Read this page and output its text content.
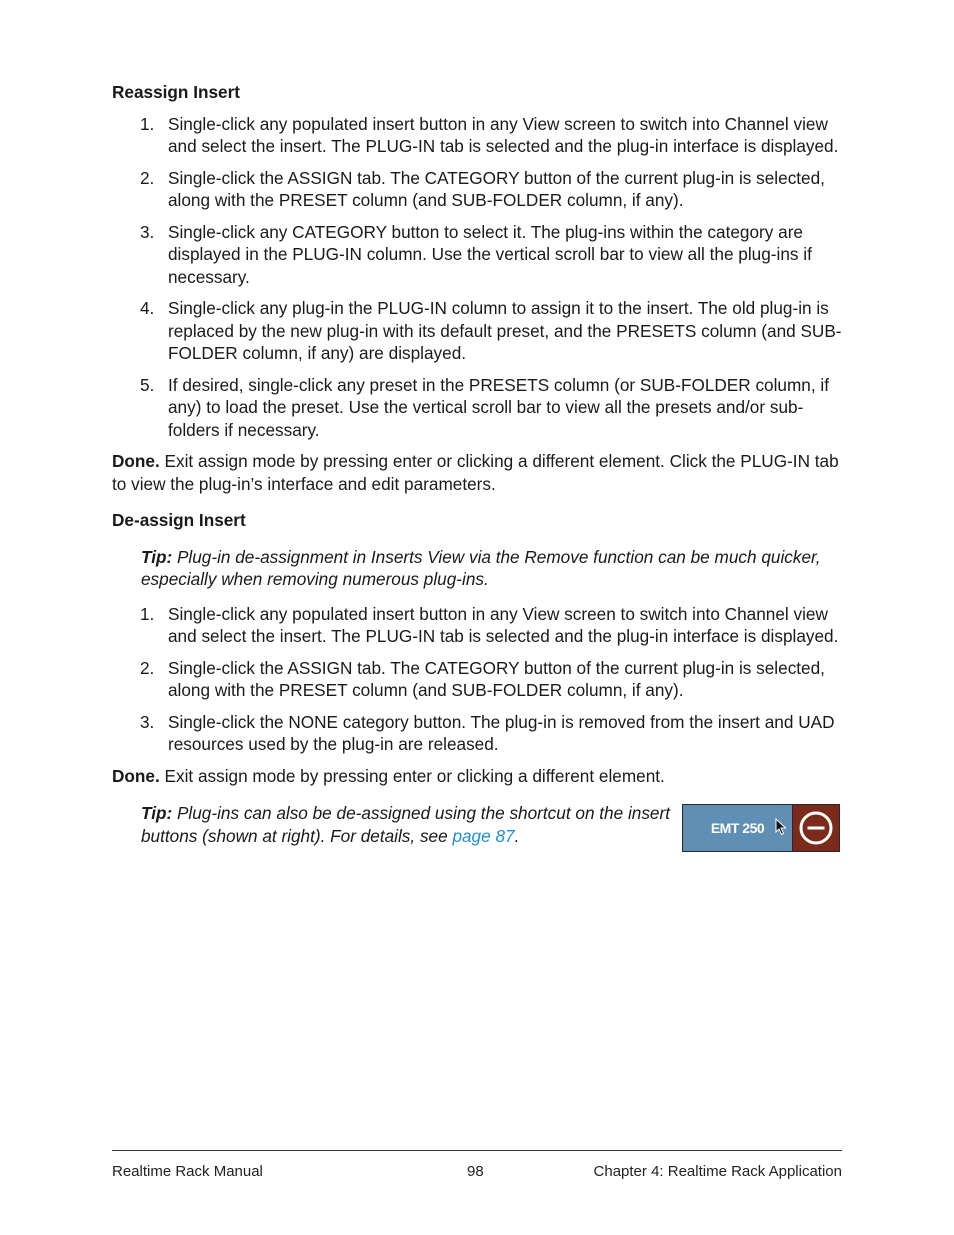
Reassign Insert
1. Single-click any populated insert button in any View screen to switch into Channel view and select the insert. The PLUG-IN tab is selected and the plug-in interface is displayed.
2. Single-click the ASSIGN tab. The CATEGORY button of the current plug-in is selected, along with the PRESET column (and SUB-FOLDER column, if any).
3. Single-click any CATEGORY button to select it. The plug-ins within the category are displayed in the PLUG-IN column. Use the vertical scroll bar to view all the plug-ins if necessary.
4. Single-click any plug-in the PLUG-IN column to assign it to the insert. The old plug-in is replaced by the new plug-in with its default preset, and the PRESETS column (and SUB-FOLDER column, if any) are displayed.
5. If desired, single-click any preset in the PRESETS column (or SUB-FOLDER column, if any) to load the preset. Use the vertical scroll bar to view all the presets and/or sub-folders if necessary.
Done. Exit assign mode by pressing enter or clicking a different element. Click the PLUG-IN tab to view the plug-in’s interface and edit parameters.
De-assign Insert
Tip: Plug-in de-assignment in Inserts View via the Remove function can be much quicker, especially when removing numerous plug-ins.
1. Single-click any populated insert button in any View screen to switch into Channel view and select the insert. The PLUG-IN tab is selected and the plug-in interface is displayed.
2. Single-click the ASSIGN tab. The CATEGORY button of the current plug-in is selected, along with the PRESET column (and SUB-FOLDER column, if any).
3. Single-click the NONE category button. The plug-in is removed from the insert and UAD resources used by the plug-in are released.
Done. Exit assign mode by pressing enter or clicking a different element.
Tip: Plug-ins can also be de-assigned using the shortcut on the insert buttons (shown at right). For details, see page 87.	EMT 250
Realtime Rack Manual	98	Chapter 4: Realtime Rack Application
